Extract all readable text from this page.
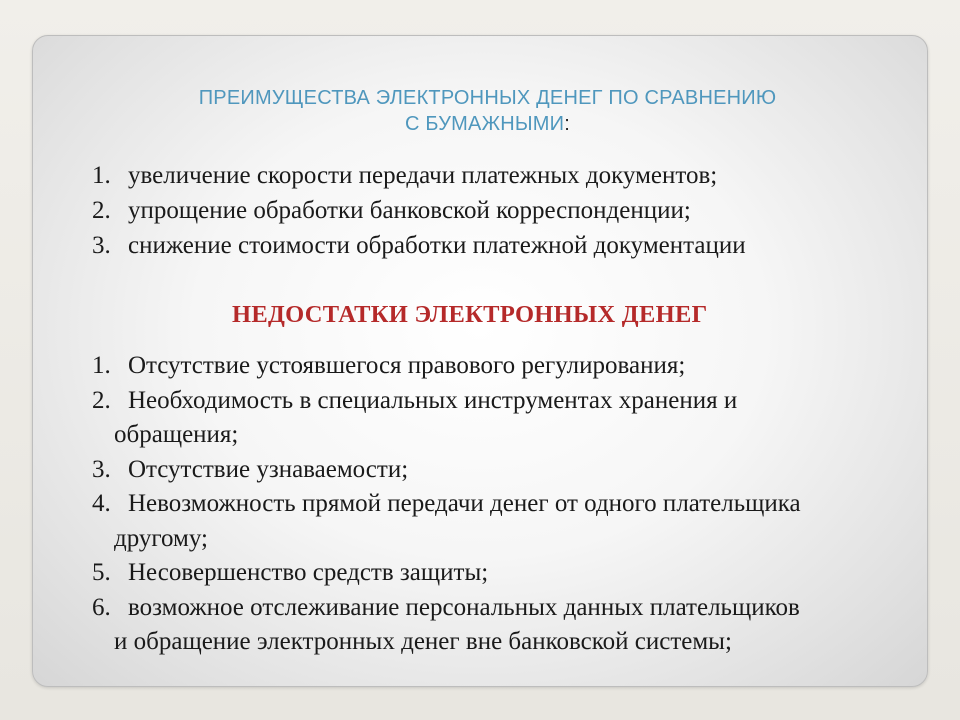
ПРЕИМУЩЕСТВА ЭЛЕКТРОННЫХ ДЕНЕГ ПО СРАВНЕНИЮ
С БУМАЖНЫМИ:
1. увеличение скорости передачи платежных документов;
2. упрощение обработки банковской корреспонденции;
3. снижение стоимости обработки платежной документации
НЕДОСТАТКИ ЭЛЕКТРОННЫХ ДЕНЕГ
1. Отсутствие устоявшегося правового регулирования;
2. Необходимость в специальных инструментах хранения и
обращения;
3. Отсутствие узнаваемости;
4. Невозможность прямой передачи денег от одного плательщика
другому;
5. Несовершенство средств защиты;
6. возможное отслеживание персональных данных плательщиков
и обращение электронных денег вне банковской системы;
